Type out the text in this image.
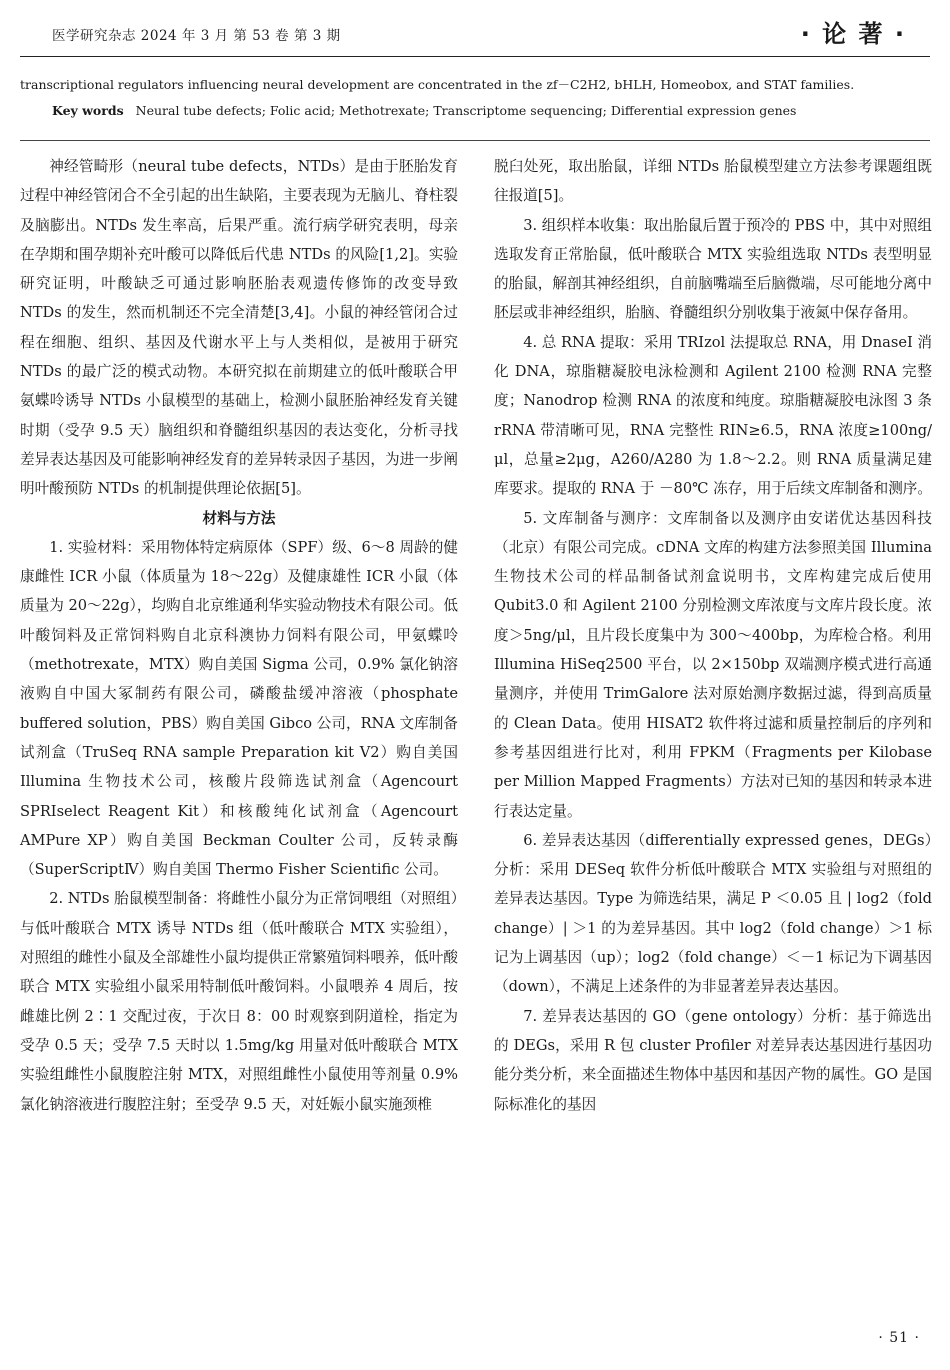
医学研究杂志 2024 年 3 月 第 53 卷 第 3 期	· 论 著 ·
transcriptional regulators influencing neural development are concentrated in the zf－C2H2, bHLH, Homeobox, and STAT families.
Key words Neural tube defects; Folic acid; Methotrexate; Transcriptome sequencing; Differential expression genes

神经管畸形（neural tube defects，NTDs）是由于胚胎发育过程中神经管闭合不全引起的出生缺陷，主要表现为无脑儿、脊柱裂及脑膨出。NTDs 发生率高，后果严重。流行病学研究表明，母亲在孕期和围孕期补充叶酸可以降低后代患 NTDs 的风险[1,2]。实验研究证明，叶酸缺乏可通过影响胚胎表观遗传修饰的改变导致 NTDs 的发生，然而机制还不完全清楚[3,4]。小鼠的神经管闭合过程在细胞、组织、基因及代谢水平上与人类相似，是被用于研究 NTDs 的最广泛的模式动物。本研究拟在前期建立的低叶酸联合甲氨蝶呤诱导 NTDs 小鼠模型的基础上，检测小鼠胚胎神经发育关键时期（受孕 9.5 天）脑组织和脊髓组织基因的表达变化，分析寻找差异表达基因及可能影响神经发育的差异转录因子基因，为进一步阐明叶酸预防 NTDs 的机制提供理论依据[5]。

材料与方法

1. 实验材料：采用物体特定病原体（SPF）级、6～8 周龄的健康雌性 ICR 小鼠（体质量为 18～22g）及健康雄性 ICR 小鼠（体质量为 20～22g），均购自北京维通利华实验动物技术有限公司。低叶酸饲料及正常饲料购自北京科澳协力饲料有限公司，甲氨蝶呤（methotrexate，MTX）购自美国 Sigma 公司，0.9% 氯化钠溶液购自中国大冢制药有限公司，磷酸盐缓冲溶液（phosphate buffered solution，PBS）购自美国 Gibco 公司，RNA 文库制备试剂盒（TruSeq RNA sample Preparation kit V2）购自美国 Illumina 生物技术公司，核酸片段筛选试剂盒（Agencourt SPRIselect Reagent Kit）和核酸纯化试剂盒（Agencourt AMPure XP）购自美国 Beckman Coulter 公司，反转录酶（SuperScriptⅣ）购自美国 Thermo Fisher Scientific 公司。

2. NTDs 胎鼠模型制备：将雌性小鼠分为正常饲喂组（对照组）与低叶酸联合 MTX 诱导 NTDs 组（低叶酸联合 MTX 实验组），对照组的雌性小鼠及全部雄性小鼠均提供正常繁殖饲料喂养，低叶酸联合 MTX 实验组小鼠采用特制低叶酸饲料。小鼠喂养 4 周后，按雌雄比例 2∶1 交配过夜，于次日 8：00 时观察到阴道栓，指定为受孕 0.5 天；受孕 7.5 天时以 1.5mg/kg 用量对低叶酸联合 MTX 实验组雌性小鼠腹腔注射 MTX，对照组雌性小鼠使用等剂量 0.9% 氯化钠溶液进行腹腔注射；至受孕 9.5 天，对妊娠小鼠实施颈椎

脱臼处死，取出胎鼠，详细 NTDs 胎鼠模型建立方法参考课题组既往报道[5]。

3. 组织样本收集：取出胎鼠后置于预冷的 PBS 中，其中对照组选取发育正常胎鼠，低叶酸联合 MTX 实验组选取 NTDs 表型明显的胎鼠，解剖其神经组织，自前脑嘴端至后脑微端，尽可能地分离中胚层或非神经组织，胎脑、脊髓组织分别收集于液氮中保存备用。

4. 总 RNA 提取：采用 TRIzol 法提取总 RNA，用 DnaseⅠ 消化 DNA，琼脂糖凝胶电泳检测和 Agilent 2100 检测 RNA 完整度；Nanodrop 检测 RNA 的浓度和纯度。琼脂糖凝胶电泳图 3 条 rRNA 带清晰可见，RNA 完整性 RIN≥6.5，RNA 浓度≥100ng/μl，总量≥2μg，A260/A280 为 1.8～2.2。则 RNA 质量满足建库要求。提取的 RNA 于 －80℃ 冻存，用于后续文库制备和测序。

5. 文库制备与测序：文库制备以及测序由安诺优达基因科技（北京）有限公司完成。cDNA 文库的构建方法参照美国 Illumina 生物技术公司的样品制备试剂盒说明书，文库构建完成后使用 Qubit3.0 和 Agilent 2100 分别检测文库浓度与文库片段长度。浓度＞5ng/μl，且片段长度集中为 300～400bp，为库检合格。利用 Illumina HiSeq2500 平台，以 2×150bp 双端测序模式进行高通量测序，并使用 TrimGalore 法对原始测序数据过滤，得到高质量的 Clean Data。使用 HISAT2 软件将过滤和质量控制后的序列和参考基因组进行比对，利用 FPKM（Fragments per Kilobase per Million Mapped Fragments）方法对已知的基因和转录本进行表达定量。

6. 差异表达基因（differentially expressed genes，DEGs）分析：采用 DESeq 软件分析低叶酸联合 MTX 实验组与对照组的差异表达基因。Type 为筛选结果，满足 P ＜0.05 且 | log2（fold change）| ＞1 的为差异基因。其中 log2（fold change）＞1 标记为上调基因（up）；log2（fold change）＜－1 标记为下调基因（down），不满足上述条件的为非显著差异表达基因。

7. 差异表达基因的 GO（gene ontology）分析：基于筛选出的 DEGs，采用 R 包 cluster Profiler 对差异表达基因进行基因功能分类分析，来全面描述生物体中基因和基因产物的属性。GO 是国际标准化的基因

· 51 ·
